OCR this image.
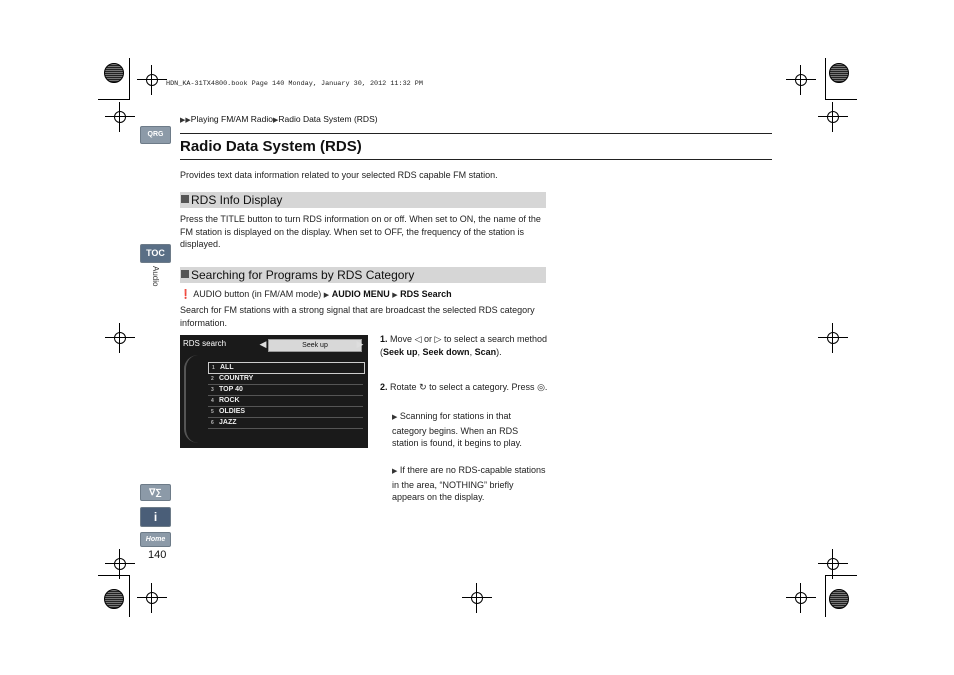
HDN_KA-31TX4800.book Page 140 Monday, January 30, 2012 11:32 PM
▶▶Playing FM/AM Radio▶Radio Data System (RDS)
Radio Data System (RDS)
Provides text data information related to your selected RDS capable FM station.
RDS Info Display
Press the TITLE button to turn RDS information on or off. When set to ON, the name of the FM station is displayed on the display. When set to OFF, the frequency of the station is displayed.
Searching for Programs by RDS Category
❗ AUDIO button (in FM/AM mode) ▶ AUDIO MENU ▶ RDS Search
Search for FM stations with a strong signal that are broadcast the selected RDS category information.
RDS search	◀	Seek up	▶
1 ALL
2 COUNTRY
3 TOP 40
4 ROCK
5 OLDIES
6 JAZZ
1. Move ◁ or ▷ to select a search method (Seek up, Seek down, Scan).
2. Rotate ↻ to select a category. Press ◎.
▶ Scanning for stations in that category begins. When an RDS station is found, it begins to play.
▶ If there are no RDS-capable stations in the area, “NOTHING” briefly appears on the display.
QRG
TOC
Audio
∇∑
i
Home
140
